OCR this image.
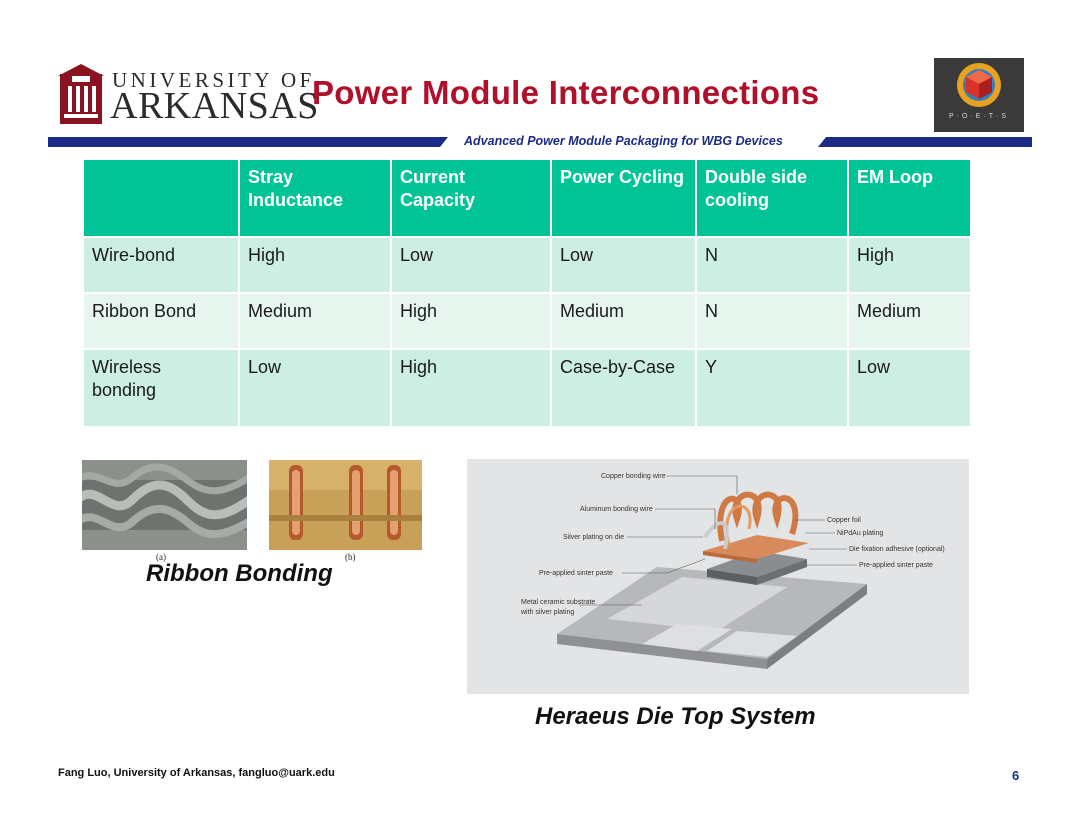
UNIVERSITY OF
ARKANSAS
Power Module Interconnections
P·O·E·T·S
Advanced Power Module Packaging for WBG Devices
	Stray Inductance	Current Capacity	Power Cycling	Double side cooling	EM Loop
Wire-bond	High	Low	Low	N	High
Ribbon Bond	Medium	High	Medium	N	Medium
Wireless bonding	Low	High	Case-by-Case	Y	Low
(a)	(b)
Ribbon Bonding
Copper bonding wire
Aluminum bonding wire
Silver plating on die
Pre-applied sinter paste
Metal ceramic substrate
with silver plating
Copper foil
NiPdAu plating
Die fixation adhesive (optional)
Pre-applied sinter paste
Heraeus Die Top System
Fang Luo, University of Arkansas, fangluo@uark.edu	6
